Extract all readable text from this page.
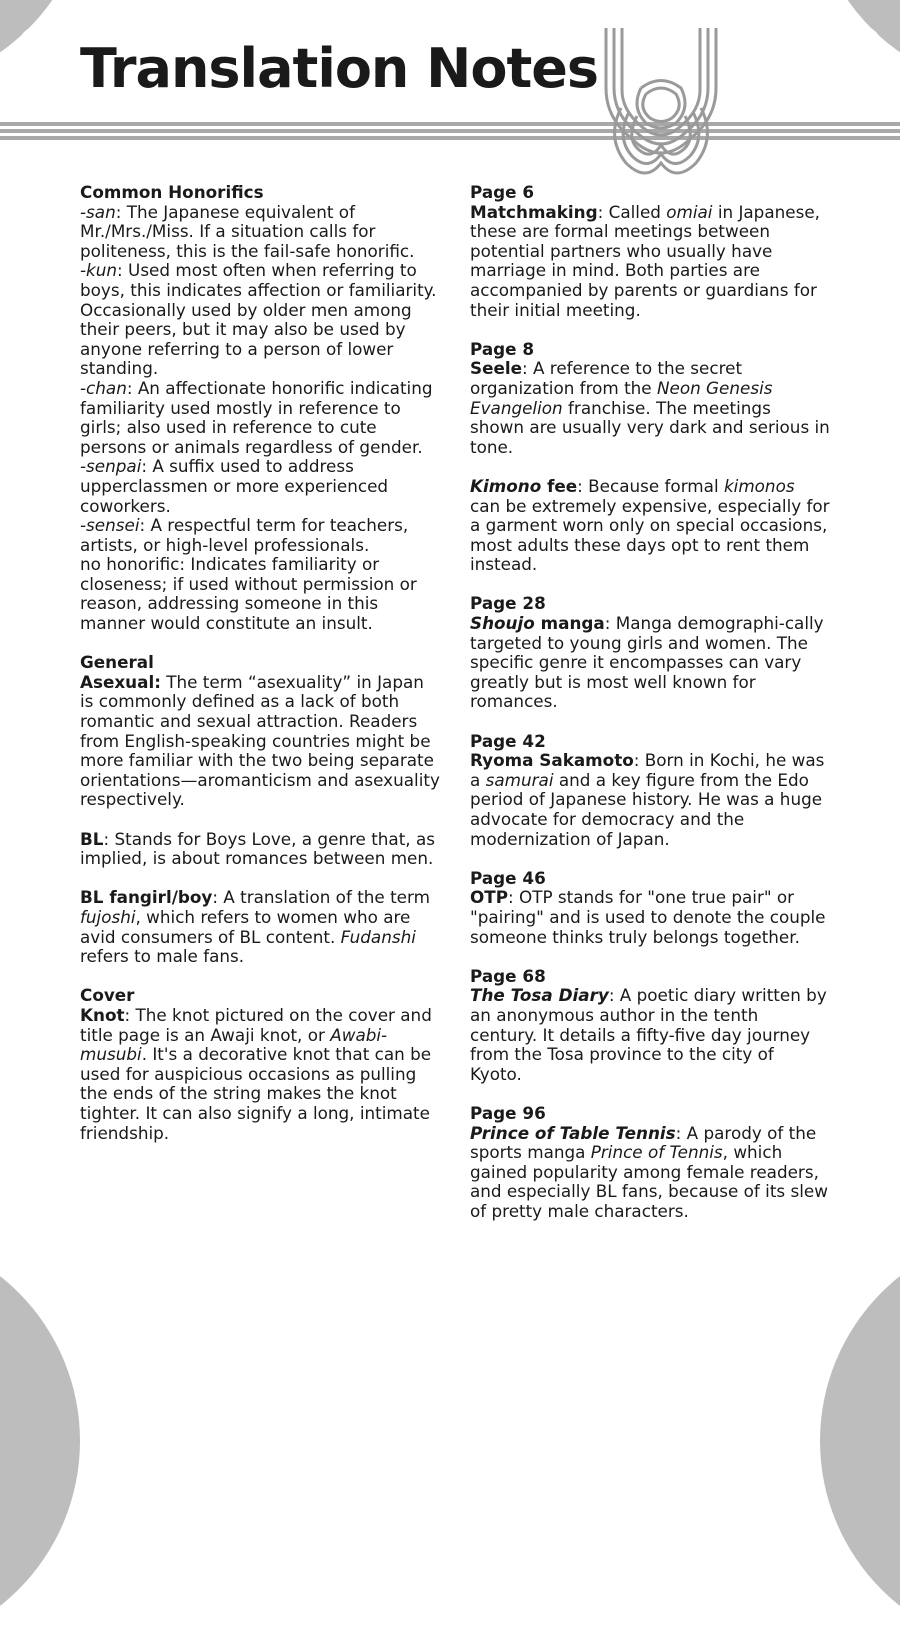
Translation Notes

Common Honorifics

-san: The Japanese equivalent of Mr./Mrs./Miss. If a situation calls for politeness, this is the fail-safe honorific.

-kun: Used most often when referring to boys, this indicates affection or familiarity. Occasionally used by older men among their peers, but it may also be used by anyone referring to a person of lower standing.

-chan: An affectionate honorific indicating familiarity used mostly in reference to girls; also used in reference to cute persons or animals regardless of gender.

-senpai: A suffix used to address upperclassmen or more experienced coworkers.

-sensei: A respectful term for teachers, artists, or high-level professionals.

no honorific: Indicates familiarity or closeness; if used without permission or reason, addressing someone in this manner would constitute an insult.

General

Asexual: The term “asexuality” in Japan is commonly defined as a lack of both romantic and sexual attraction. Readers from English-speaking countries might be more familiar with the two being separate orientations—aromanticism and asexuality respectively.

BL: Stands for Boys Love, a genre that, as implied, is about romances between men.

BL fangirl/boy: A translation of the term fujoshi, which refers to women who are avid consumers of BL content. Fudanshi refers to male fans.

Cover

Knot: The knot pictured on the cover and title page is an Awaji knot, or Awabi-musubi. It's a decorative knot that can be used for auspicious occasions as pulling the ends of the string makes the knot tighter. It can also signify a long, intimate friendship.

Page 6

Matchmaking: Called omiai in Japanese, these are formal meetings between potential partners who usually have marriage in mind. Both parties are accompanied by parents or guardians for their initial meeting.

Page 8

Seele: A reference to the secret organization from the Neon Genesis Evangelion franchise. The meetings shown are usually very dark and serious in tone.

Kimono fee: Because formal kimonos can be extremely expensive, especially for a garment worn only on special occasions, most adults these days opt to rent them instead.

Page 28

Shoujo manga: Manga demographi-cally targeted to young girls and women. The specific genre it encompasses can vary greatly but is most well known for romances.

Page 42

Ryoma Sakamoto: Born in Kochi, he was a samurai and a key figure from the Edo period of Japanese history. He was a huge advocate for democracy and the modernization of Japan.

Page 46

OTP: OTP stands for "one true pair" or "pairing" and is used to denote the couple someone thinks truly belongs together.

Page 68

The Tosa Diary: A poetic diary written by an anonymous author in the tenth century. It details a fifty-five day journey from the Tosa province to the city of Kyoto.

Page 96

Prince of Table Tennis: A parody of the sports manga Prince of Tennis, which gained popularity among female readers, and especially BL fans, because of its slew of pretty male characters.
